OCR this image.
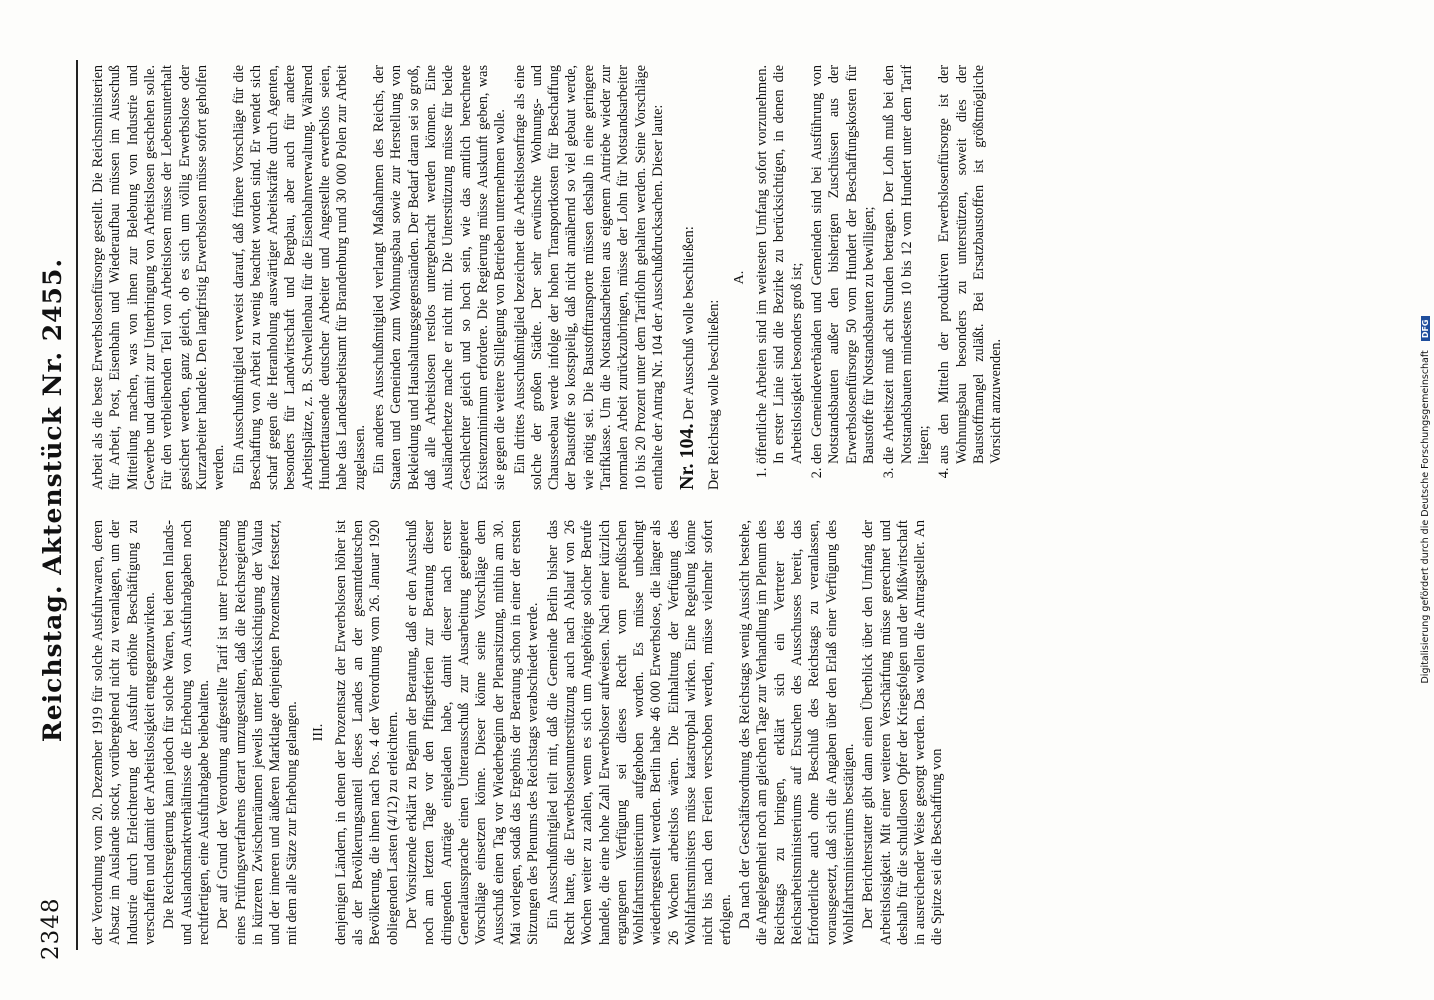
2348
Reichstag. Aktenstück Nr. 2455. der Verordnung vom 20. Dezember 1919 für solche Ausfuhrwaren, deren Absatz im Auslande stockt, vorübergehend nicht zu veranlagen, um der Industrie durch Erleichterung der Ausfuhr erhöhte Beschäftigung zu verschaffen und damit der Arbeitslosigkeit entgegenzuwirken. Die Reichsregierung kann jedoch für solche Waren, bei denen Inlands- und Auslandsmarktverhältnisse die Erhebung von Ausfuhrabgaben noch rechtfertigen, eine Ausfuhrabgabe beibehalten. Der auf Grund der Verordnung aufgestellte Tarif ist unter Fortsetzung eines Prüfungsverfahrens derart umzugestalten, daß die Reichsregierung in kürzeren Zwischenräumen jeweils unter Berücksichtigung der Valuta und der inneren und äußeren Marktlage denjenigen Prozentsatz festsetzt, mit dem alle Sätze zur Erhebung gelangen. III. denjenigen Ländern, in denen der Prozentsatz der Erwerbslosen höher ist als der Bevölkerungsanteil dieses Landes an der gesamtdeutschen Bevölkerung, die ihnen nach Pos. 4 der Verordnung vom 26. Januar 1920 obliegenden Lasten (4/12) zu erleichtern. Der Vorsitzende erklärt zu Beginn der Beratung, daß er den Ausschuß noch am letzten Tage vor den Pfingstferien zur Beratung dieser dringenden Anträge eingeladen habe, damit dieser nach erster Generalaussprache einen Unterausschuß zur Ausarbeitung geeigneter Vorschläge einsetzen könne. Dieser könne seine Vorschläge dem Ausschuß einen Tag vor Wiederbeginn der Plenarsitzung, mithin am 30. Mai vorlegen, sodaß das Ergebnis der Beratung schon in einer der ersten Sitzungen des Plenums des Reichstags verabschiedet werde. Ein Ausschußmitglied teilt mit, daß die Gemeinde Berlin bisher das Recht hatte, die Erwerbslosenunterstützung auch nach Ablauf von 26 Wochen weiter zu zahlen, wenn es sich um Angehörige solcher Berufe handele, die eine hohe Zahl Erwerbsloser aufweisen. Nach einer kürzlich ergangenen Verfügung sei dieses Recht vom preußischen Wohlfahrtsministerium aufgehoben worden. Es müsse unbedingt wiederhergestellt werden. Berlin habe 46 000 Erwerbslose, die länger als 26 Wochen arbeitslos wären. Die Einhaltung der Verfügung des Wohlfahrtsministers müsse katastrophal wirken. Eine Regelung könne nicht bis nach den Ferien verschoben werden, müsse vielmehr sofort erfolgen. Da nach der Geschäftsordnung des Reichstags wenig Aussicht bestehe, die Angelegenheit noch am gleichen Tage zur Verhandlung im Plenum des Reichstags zu bringen, erklärt sich ein Vertreter des Reichsarbeitsministeriums auf Ersuchen des Ausschusses bereit, das Erforderliche auch ohne Beschluß des Reichstags zu veranlassen, vorausgesetzt, daß sich die Angaben über den Erlaß einer Verfügung des Wohlfahrtsministeriums bestätigen. Der Berichterstatter gibt dann einen Überblick über den Umfang der Arbeitslosigkeit. Mit einer weiteren Verschärfung müsse gerechnet und deshalb für die schuldlosen Opfer der Kriegsfolgen und der Mißwirtschaft in ausreichender Weise gesorgt werden. Das wollen die Antragsteller. An die Spitze sei die Beschaffung von

Arbeit als die beste Erwerbslosenfürsorge gestellt. Die Reichsministerien für Arbeit, Post, Eisenbahn und Wiederaufbau müssen im Ausschuß Mitteilung machen, was von ihnen zur Belebung von Industrie und Gewerbe und damit zur Unterbringung von Arbeitslosen geschehen solle. Für den verbleibenden Teil von Arbeitslosen müsse der Lebensunterhalt gesichert werden, ganz gleich, ob es sich um völlig Erwerbslose oder Kurzarbeiter handele. Den langfristig Erwerbslosen müsse sofort geholfen werden. Ein Ausschußmitglied verweist darauf, daß frühere Vorschläge für die Beschaffung von Arbeit zu wenig beachtet worden sind. Er wendet sich scharf gegen die Heranholung auswärtiger Arbeitskräfte durch Agenten, besonders für Landwirtschaft und Bergbau, aber auch für andere Arbeitsplätze, z. B. Schwellenbau für die Eisenbahnverwaltung. Während Hunderttausende deutscher Arbeiter und Angestellte erwerbslos seien, habe das Landesarbeitsamt für Brandenburg rund 30 000 Polen zur Arbeit zugelassen. Ein anderes Ausschußmitglied verlangt Maßnahmen des Reichs, der Staaten und Gemeinden zum Wohnungsbau sowie zur Herstellung von Bekleidung und Haushaltungsgegenständen. Der Bedarf daran sei so groß, daß alle Arbeitslosen restlos untergebracht werden können. Eine Ausländerhetze mache er nicht mit. Die Unterstützung müsse für beide Geschlechter gleich und so hoch sein, wie das amtlich berechnete Existenzminimum erfordere. Die Regierung müsse Auskunft geben, was sie gegen die weitere Stillegung von Betrieben unternehmen wolle. Ein drittes Ausschußmitglied bezeichnet die Arbeitslosenfrage als eine solche der großen Städte. Der sehr erwünschte Wohnungs- und Chausseebau werde infolge der hohen Transportkosten für Beschaffung der Baustoffe so kostspielig, daß nicht annähernd so viel gebaut werde, wie nötig sei. Die Baustofftransporte müssen deshalb in eine geringere Tarifklasse. Um die Notstandsarbeiten aus eigenem Antriebe wieder zur normalen Arbeit zurückzubringen, müsse der Lohn für Notstandsarbeiter 10 bis 20 Prozent unter dem Tariflohn gehalten werden. Seine Vorschläge enthalte der Antrag Nr. 104 der Ausschußdrucksachen. Dieser laute: Nr. 104. Der Ausschuß wolle beschließen: Der Reichstag wolle beschließen:

A. 1. öffentliche Arbeiten sind im weitesten Umfang sofort vorzunehmen. In erster Linie sind die Bezirke zu berücksichtigen, in denen die Arbeitslosigkeit besonders groß ist; 2. den Gemeindeverbänden und Gemeinden sind bei Ausführung von Notstandsbauten außer den bisherigen Zuschüssen aus der Erwerbslosenfürsorge 50 vom Hundert der Beschaffungskosten für Baustoffe für Notstandsbauten zu bewilligen; 3. die Arbeitszeit muß acht Stunden betragen. Der Lohn muß bei den Notstandsbauten mindestens 10 bis 12 vom Hundert unter dem Tarif liegen; 4. aus den Mitteln der produktiven Erwerbslosenfürsorge ist der Wohnungsbau besonders zu unterstützen, soweit dies der Baustoffmangel zuläßt. Bei Ersatzbaustoffen ist größtmögliche Vorsicht anzuwenden.	Digitalisierung gefördert durch die Deutsche Forschungsgemeinschaft DFG
